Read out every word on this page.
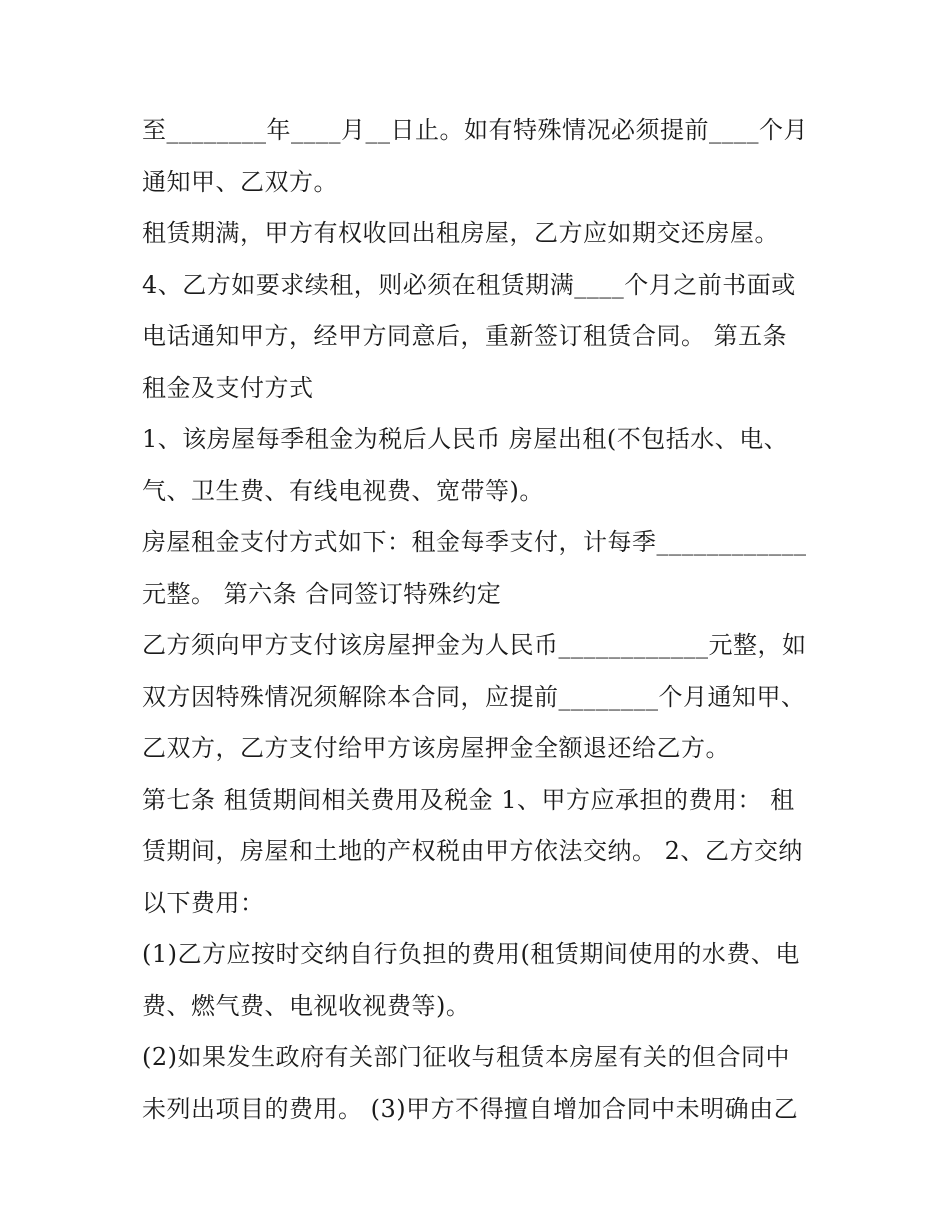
至________年____月__日止。如有特殊情况必须提前____个月
通知甲、乙双方。
租赁期满，甲方有权收回出租房屋，乙方应如期交还房屋。
4、乙方如要求续租，则必须在租赁期满____个月之前书面或
电话通知甲方，经甲方同意后，重新签订租赁合同。 第五条
租金及支付方式
1、该房屋每季租金为税后人民币 房屋出租(不包括水、电、
气、卫生费、有线电视费、宽带等)。
房屋租金支付方式如下：租金每季支付，计每季____________
元整。 第六条 合同签订特殊约定
乙方须向甲方支付该房屋押金为人民币____________元整，如
双方因特殊情况须解除本合同，应提前________个月通知甲、
乙双方，乙方支付给甲方该房屋押金全额退还给乙方。
第七条 租赁期间相关费用及税金 1、甲方应承担的费用： 租
赁期间，房屋和土地的产权税由甲方依法交纳。 2、乙方交纳
以下费用：
(1)乙方应按时交纳自行负担的费用(租赁期间使用的水费、电
费、燃气费、电视收视费等)。
(2)如果发生政府有关部门征收与租赁本房屋有关的但合同中
未列出项目的费用。 (3)甲方不得擅自增加合同中未明确由乙
